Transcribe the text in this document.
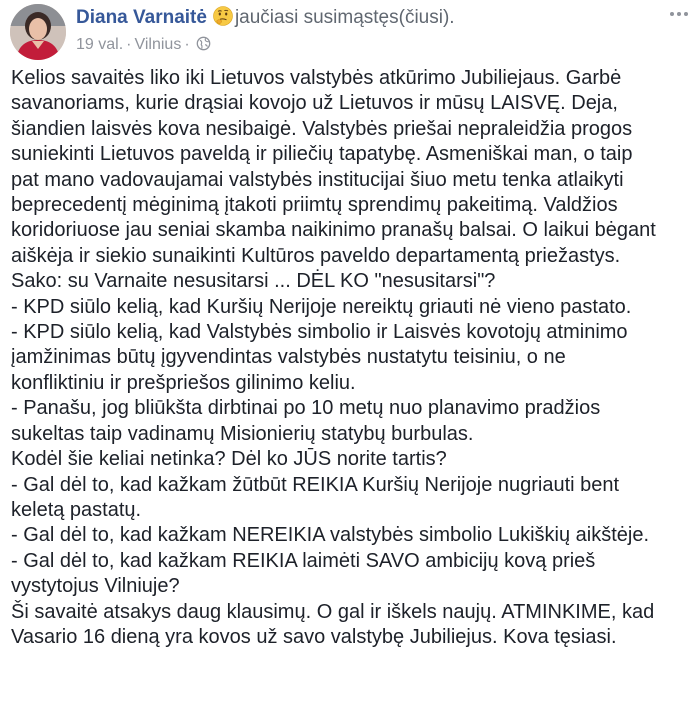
Diana Varnaitė jaučiasi susimąstęs(čiusi).
19 val. · Vilnius ·

Kelios savaitės liko iki Lietuvos valstybės atkūrimo Jubiliejaus. Garbė

savanoriams, kurie drąsiai kovojo už Lietuvos ir mūsų LAISVĘ. Deja,

šiandien laisvės kova nesibaigė. Valstybės priešai nepraleidžia progos

suniekinti Lietuvos paveldą ir piliečių tapatybę. Asmeniškai man, o taip

pat mano vadovaujamai valstybės institucijai šiuo metu tenka atlaikyti

beprecedentį mėginimą įtakoti priimtų sprendimų pakeitimą. Valdžios

koridoriuose jau seniai skamba naikinimo pranašų balsai. O laikui bėgant

aiškėja ir siekio sunaikinti Kultūros paveldo departamentą priežastys.

Sako: su Varnaite nesusitarsi ... DĖL KO "nesusitarsi"?

- KPD siūlo kelią, kad Kuršių Nerijoje nereiktų griauti nė vieno pastato.

- KPD siūlo kelią, kad Valstybės simbolio ir Laisvės kovotojų atminimo

įamžinimas būtų įgyvendintas valstybės nustatytu teisiniu, o ne

konfliktiniu ir prešpriešos gilinimo keliu.

- Panašu, jog bliūkšta dirbtinai po 10 metų nuo planavimo pradžios

sukeltas taip vadinamų Misionierių statybų burbulas.

Kodėl šie keliai netinka? Dėl ko JŪS norite tartis?

- Gal dėl to, kad kažkam žūtbūt REIKIA Kuršių Nerijoje nugriauti bent

keletą pastatų.

- Gal dėl to, kad kažkam NEREIKIA valstybės simbolio Lukiškių aikštėje.

- Gal dėl to, kad kažkam REIKIA laimėti SAVO ambicijų kovą prieš

vystytojus Vilniuje?

Ši savaitė atsakys daug klausimų. O gal ir iškels naujų. ATMINKIME, kad

Vasario 16 dieną yra kovos už savo valstybę Jubiliejus. Kova tęsiasi.
